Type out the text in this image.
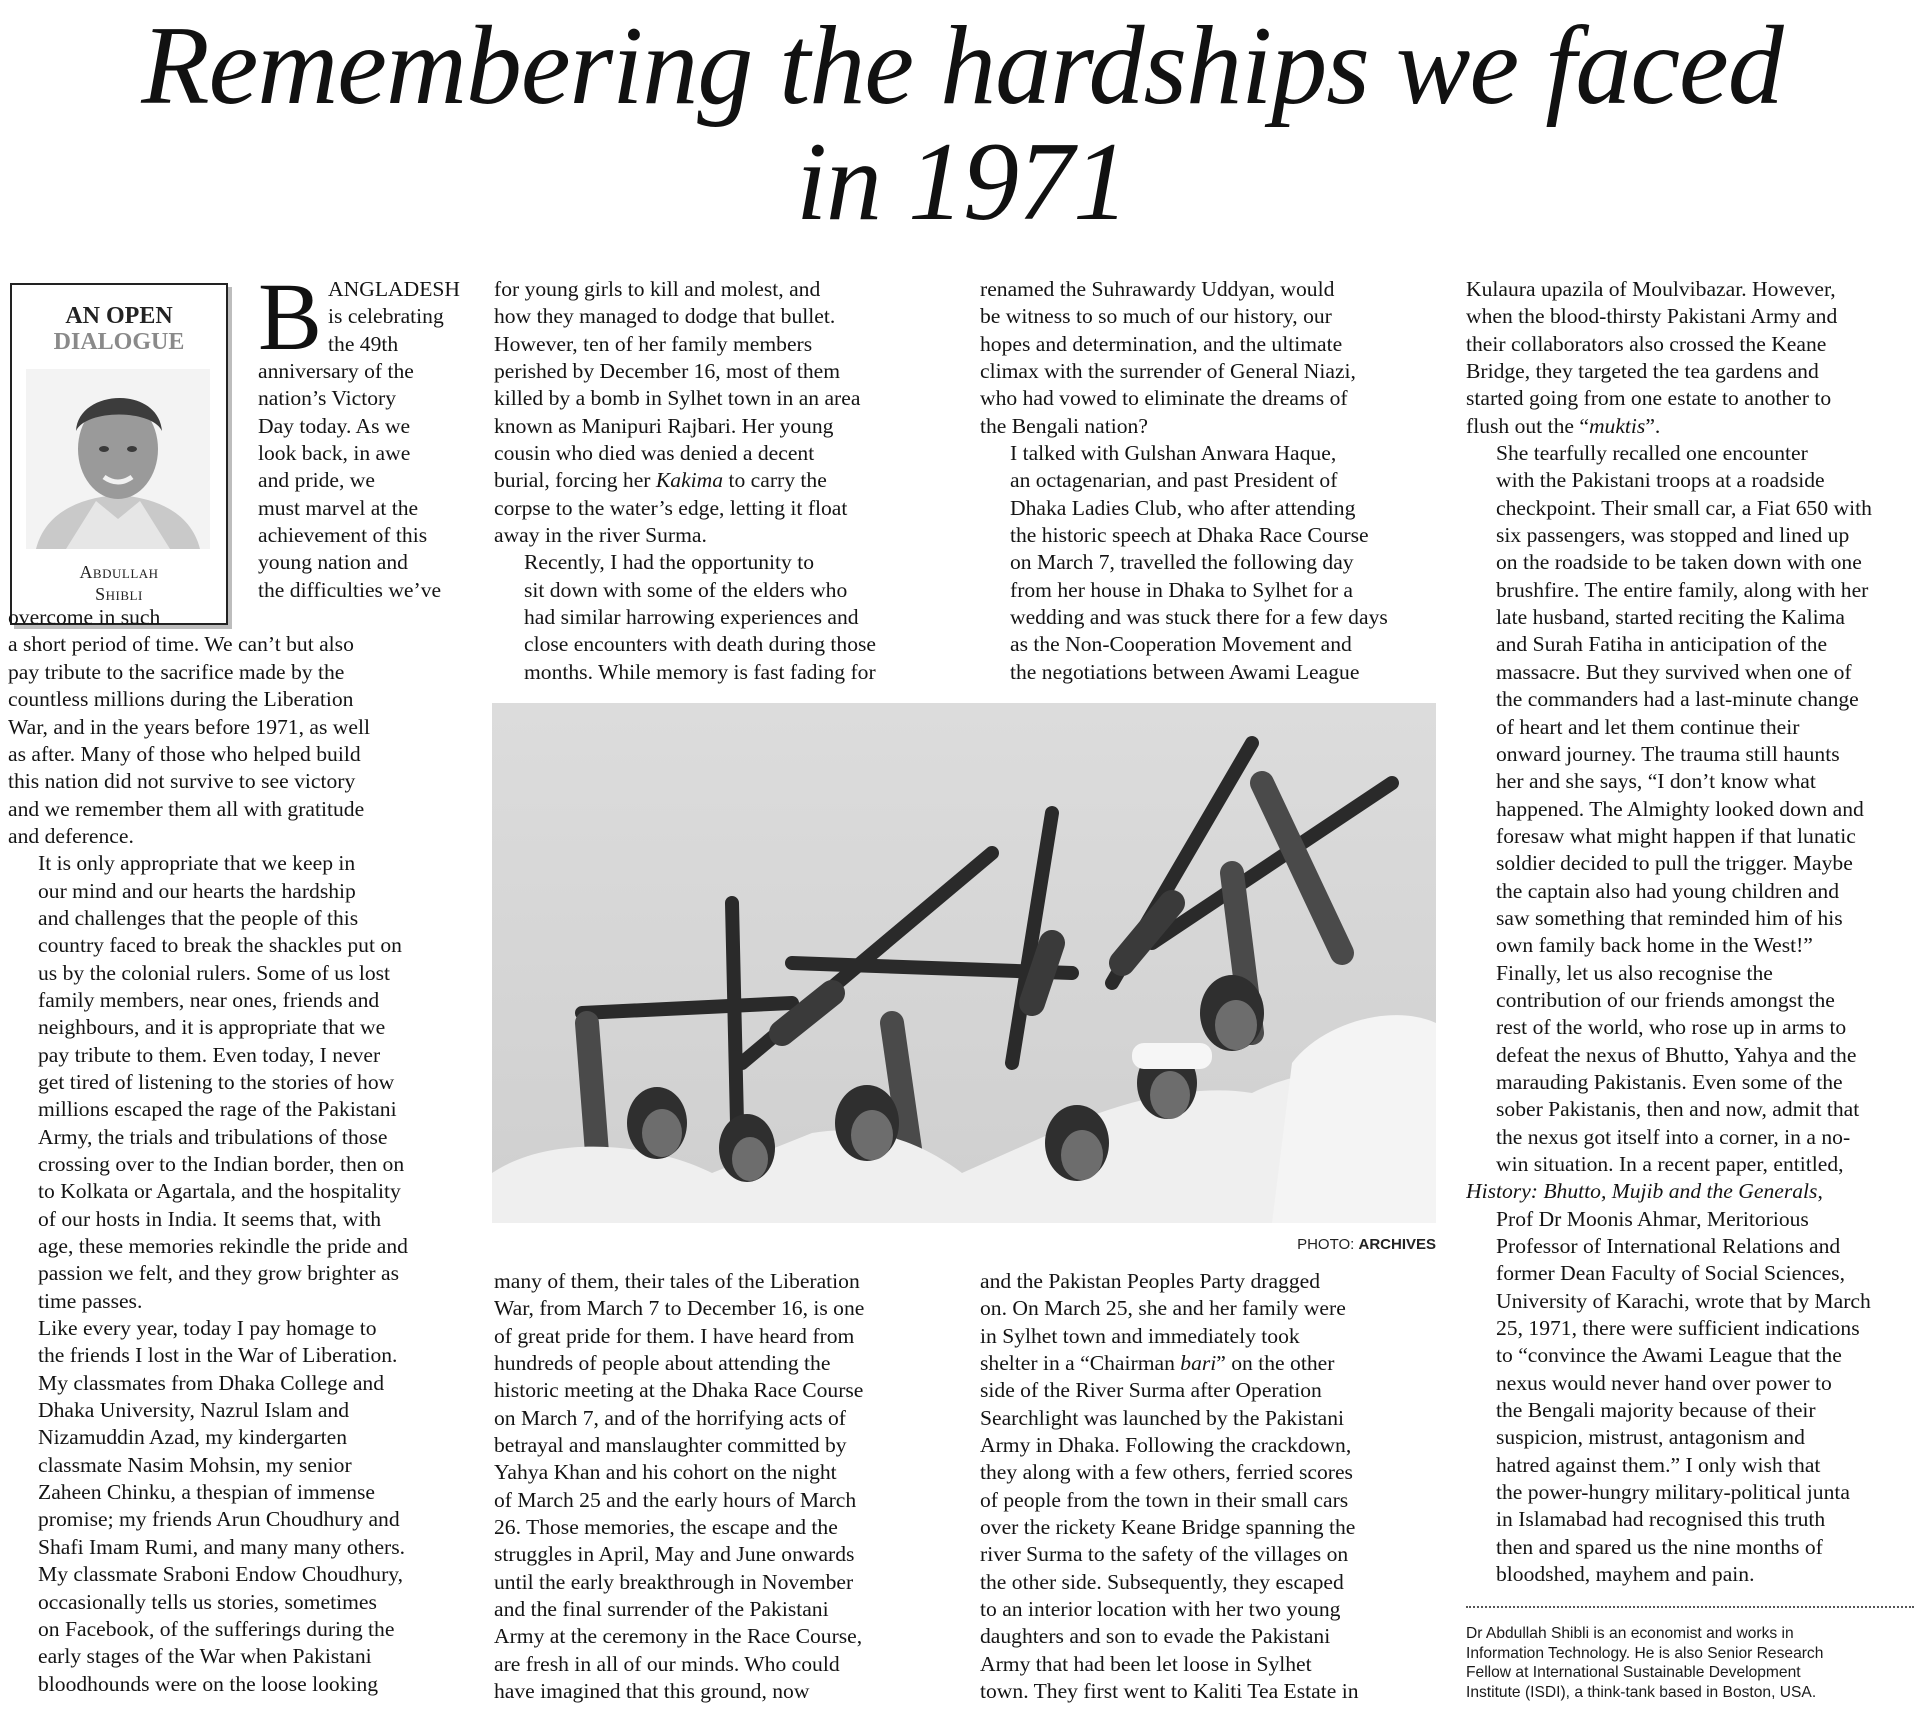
Remembering the hardships we faced
in 1971
AN OPEN
DIALOGUE
Abdullah
Shibli
B ANGLADESH
is celebrating
the 49th
anniversary of the
nation’s Victory
Day today. As we
look back, in awe
and pride, we
must marvel at the
achievement of this
young nation and
the difficulties we’ve
overcome in such

a short period of time. We can’t but also
pay tribute to the sacrifice made by the
countless millions during the Liberation
War, and in the years before 1971, as well
as after. Many of those who helped build
this nation did not survive to see victory
and we remember them all with gratitude
and deference.

It is only appropriate that we keep in
our mind and our hearts the hardship
and challenges that the people of this
country faced to break the shackles put on
us by the colonial rulers. Some of us lost
family members, near ones, friends and
neighbours, and it is appropriate that we
pay tribute to them. Even today, I never
get tired of listening to the stories of how
millions escaped the rage of the Pakistani
Army, the trials and tribulations of those
crossing over to the Indian border, then on
to Kolkata or Agartala, and the hospitality
of our hosts in India. It seems that, with
age, these memories rekindle the pride and
passion we felt, and they grow brighter as
time passes.

Like every year, today I pay homage to
the friends I lost in the War of Liberation.
My classmates from Dhaka College and
Dhaka University, Nazrul Islam and
Nizamuddin Azad, my kindergarten
classmate Nasim Mohsin, my senior
Zaheen Chinku, a thespian of immense
promise; my friends Arun Choudhury and
Shafi Imam Rumi, and many many others.
My classmate Sraboni Endow Choudhury,
occasionally tells us stories, sometimes
on Facebook, of the sufferings during the
early stages of the War when Pakistani
bloodhounds were on the loose looking

for young girls to kill and molest, and
how they managed to dodge that bullet.
However, ten of her family members
perished by December 16, most of them
killed by a bomb in Sylhet town in an area
known as Manipuri Rajbari. Her young
cousin who died was denied a decent
burial, forcing her Kakima to carry the
corpse to the water’s edge, letting it float
away in the river Surma.

Recently, I had the opportunity to
sit down with some of the elders who
had similar harrowing experiences and
close encounters with death during those
months. While memory is fast fading for

renamed the Suhrawardy Uddyan, would
be witness to so much of our history, our
hopes and determination, and the ultimate
climax with the surrender of General Niazi,
who had vowed to eliminate the dreams of
the Bengali nation?

I talked with Gulshan Anwara Haque,
an octagenarian, and past President of
Dhaka Ladies Club, who after attending
the historic speech at Dhaka Race Course
on March 7, travelled the following day
from her house in Dhaka to Sylhet for a
wedding and was stuck there for a few days
as the Non-Cooperation Movement and
the negotiations between Awami League

PHOTO: ARCHIVES

many of them, their tales of the Liberation
War, from March 7 to December 16, is one
of great pride for them. I have heard from
hundreds of people about attending the
historic meeting at the Dhaka Race Course
on March 7, and of the horrifying acts of
betrayal and manslaughter committed by
Yahya Khan and his cohort on the night
of March 25 and the early hours of March
26. Those memories, the escape and the
struggles in April, May and June onwards
until the early breakthrough in November
and the final surrender of the Pakistani
Army at the ceremony in the Race Course,
are fresh in all of our minds. Who could
have imagined that this ground, now

and the Pakistan Peoples Party dragged
on. On March 25, she and her family were
in Sylhet town and immediately took
shelter in a “Chairman bari” on the other
side of the River Surma after Operation
Searchlight was launched by the Pakistani
Army in Dhaka. Following the crackdown,
they along with a few others, ferried scores
of people from the town in their small cars
over the rickety Keane Bridge spanning the
river Surma to the safety of the villages on
the other side. Subsequently, they escaped
to an interior location with her two young
daughters and son to evade the Pakistani
Army that had been let loose in Sylhet
town. They first went to Kaliti Tea Estate in

Kulaura upazila of Moulvibazar. However,
when the blood-thirsty Pakistani Army and
their collaborators also crossed the Keane
Bridge, they targeted the tea gardens and
started going from one estate to another to
flush out the “muktis”.

She tearfully recalled one encounter
with the Pakistani troops at a roadside
checkpoint. Their small car, a Fiat 650 with
six passengers, was stopped and lined up
on the roadside to be taken down with one
brushfire. The entire family, along with her
late husband, started reciting the Kalima
and Surah Fatiha in anticipation of the
massacre. But they survived when one of
the commanders had a last-minute change
of heart and let them continue their
onward journey. The trauma still haunts
her and she says, “I don’t know what
happened. The Almighty looked down and
foresaw what might happen if that lunatic
soldier decided to pull the trigger. Maybe
the captain also had young children and
saw something that reminded him of his
own family back home in the West!”

Finally, let us also recognise the
contribution of our friends amongst the
rest of the world, who rose up in arms to
defeat the nexus of Bhutto, Yahya and the
marauding Pakistanis. Even some of the
sober Pakistanis, then and now, admit that
the nexus got itself into a corner, in a no-
win situation. In a recent paper, entitled,
History: Bhutto, Mujib and the Generals,
Prof Dr Moonis Ahmar, Meritorious
Professor of International Relations and
former Dean Faculty of Social Sciences,
University of Karachi, wrote that by March
25, 1971, there were sufficient indications
to “convince the Awami League that the
nexus would never hand over power to
the Bengali majority because of their
suspicion, mistrust, antagonism and
hatred against them.” I only wish that
the power-hungry military-political junta
in Islamabad had recognised this truth
then and spared us the nine months of
bloodshed, mayhem and pain.

Dr Abdullah Shibli is an economist and works in
Information Technology. He is also Senior Research
Fellow at International Sustainable Development
Institute (ISDI), a think-tank based in Boston, USA.
